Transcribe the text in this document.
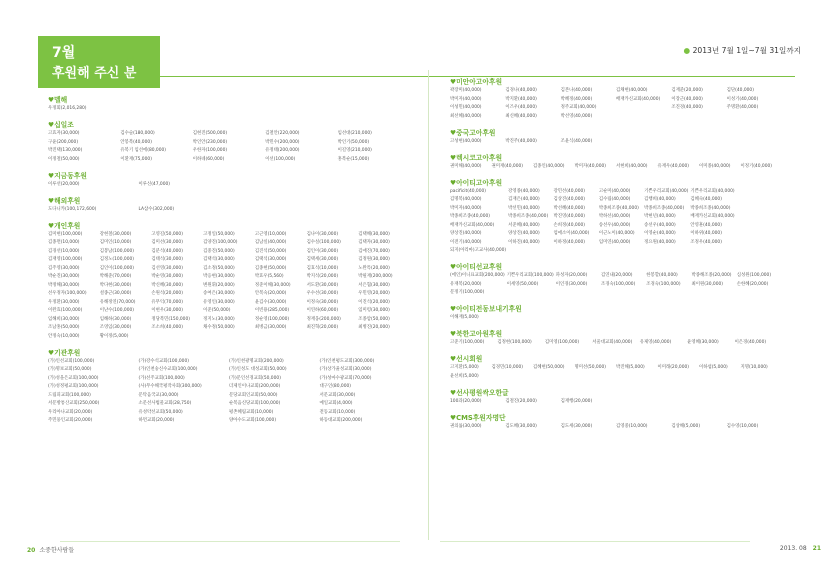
7월
후원해 주신 분
● 2013년 7월 1일~7월 31일까지
♥멜해
우정회(2,016,280)
♥십일조
고효자(30,000)	김수술(180,000)	김현진(500,000)	김철안(220,000)	임선대(210,000)
구윤(200,000)	안봉복(40,000)	박인안(230,000)	박민수(200,000)	박인기(50,000)
박진택(130,000)	유복기 임선에(80,000)	우한자(100,000)	유정태(200,000)	이길영(210,000)
이정철(50,000)	이환재(75,000)	이하네(60,000)	이선(100,000)	홍복순(15,000)
♥지금동후원
이루선(20,000)	이루신(47,000)
♥해외후원
도다니카(100,172,600)	LA삼수(302,000)
♥개인후원
김미현(100,000)	강현철(30,000)	고영길(50,000)	고정일(50,000)	고근영(10,000)	김나이(30,000)	김택해(30,000)
김종면(10,000)	김미인(10,000)	김미선(30,000)	김양진(100,000)	김남실(40,000)	김수실(100,000)	김택자(30,000)
김경선(10,000)	김봉남(100,000)	김분석(40,000)	김중진(50,000)	김진석(50,000)	김인이(30,000)	김애진(70,000)
김재영(100,000)	김정노(100,000)	김태석(30,000)	김택석(30,000)	김택석(30,000)	김택세(30,000)	김정원(30,000)
김주영(30,000)	김인이(100,000)	김선영(30,000)	김소정(50,000)	김종현(50,000)	김효석(10,000)	노완특(20,000)
박순진(30,000)	박해준(70,000)	박순영(30,000)	박응현(30,000)	박효우(5,560)	박지석(20,000)	박필재(200,000)
박정해(30,000)	박다현(30,000)	박신혜(30,000)	변원휘(20,000)	정준이해(30,000)	서도환(30,000)	서은협(30,000)
선우정자(100,000)	설종근(30,000)	손원석(20,000)	송여은(30,000)	안복숙(20,000)	우수선(30,000)	우민영(20,000)
우정환(30,000)	유해정연(70,000)	유무익(70,000)	유영인(30,000)	윤김수(30,000)	이정숙(30,000)	이진석(20,000)
이완효(100,000)	이난수(100,000)	이현우(30,000)	이준(50,000)	이빈용(285,000)	이연하(60,000)	임미령(30,000)
임해희(30,000)	임해하(30,000)	정당복민(150,000)	정지노(30,000)	정순영(100,000)	정재웅(200,000)	조종암(50,000)
조남홍(50,000)	조영임(30,000)	조소희(40,000)	채수정(50,000)	최병금(30,000)	최진혁(20,000)	최병진(20,000)
안정숙(10,000)	황이정(5,000)
♥기관후원
(가)인선교회(100,000)	(가)강수석교회(100,000)	(가)인천광명교회(200,000)	(가)인천평도교회(300,000)
(가)명보교회(50,000)	(가)인천숭신수교회(100,000)	(가)인성도 대성교회(50,000)	(가)상가율성교회(30,000)
(가)성을은교회(100,000)	(가)선주교회(100,000)	(가)문인선경교회(50,000)	(가)성마수광교회(70,000)
(가)성정평교회(100,000)	(사)무수해국평작사회(300,000)	더제인이나교회(200,000)	대구인(80,000)
드림피교회(100,000)	문탁음국교(30,000)	문당교회인교회(50,000)	서문교회(30,000)
서문방통산교회(250,000)	소문선사법물교회(28,750)	순복음신당교회(100,000)	예일교회(4,000)
우리아나교회(20,000)	유성약선교회(50,000)	평촌혜림교회(10,000)	전동교회(10,000)
주민풍인교회(20,000)	하면교회(20,000)	양아수도교회(100,000)	하동대교회(200,000)
♥미안아고아후원
곽장미(40,000)	김경나(40,000)	김본나(40,000)	김채현(40,000)	김재준(20,000)	김단(40,000)
박미자(40,000)	박지환(40,000)	박혜정(40,000)	배재카신교회(40,000)	이장근(40,000)	이성기(40,000)
이성민(40,000)	이즈우(40,000)	정주교회(40,000)	조진경(40,000)	주명환(40,000)
최선혜(40,000)	최신혜(40,000)	박선영(40,000)
♥중국고아후원
고성현(40,000)	박진주(40,000)	조윤식(40,000)
♥렉시코고아후원
권미해(40,000)	권미재(40,000)	김종인(40,000)	박미자(40,000)	서현희(40,000)	유재우(40,000)	이미종(40,000)	이정기(40,000)
♥아이티고아후원
pacificit(40,000)	강영종(40,000)	강민선(40,000)	고순미(40,000)	기쁜우리교회(40,000) 기쁜우리교회(40,000)
김명복(40,000)	김재은(40,000)	김상진(40,000)	김수림(40,000)	김행희(40,000)	김혜숙(40,000)
박미자(40,000)	박선민(40,000)	박선혜(40,000)	박종희조종(40,000)	박종희조종(40,000)	박종희조종(40,000)
박종희조종(40,000)	박종희조종(40,000)	박진영(40,000)	박하선(40,000)	박현년(40,000)	배재카신교회(40,000)
배재카신교회(40,000)	서준혜(40,000)	손희정(40,000)	송선우(40,000)	송선우(40,000)	안영훈(40,000)
양상진(40,000)	양상진(40,000)	엄애소이(40,000)	이근노이(40,000)	이영순(40,000)	이하위(40,000)
이전기(40,000)	이하진(40,000)	이하정(40,000)	임미연(40,000)	정요원(40,000)	조정우(40,000)
되지(아리마)고교사(40,000)
♥아이티선교후원
(에인)이니표교회(200,000) 기쁜우리교회(100,000) 파성자(20,000)	김연내(20,000)	한봉할(40,000)	박종해조종(20,000)	심성원(100,000)
유재복(20,000)	이세영(50,000)	이인경(30,000)	조경숙(100,000)	조경숙(100,000)	최이원(30,000)	손한혜(20,000)
문정기(100,000)
♥아이티전동보내기후원
이해재(5,000)
♥북한고아원후원
고준기(100,000)	김정현(100,000)	김미영(100,000)	서울대교회(40,000)	유제영(40,000)	윤영혜(30,000)	이은경(40,000)
♥선시회원
고지환(5,000)	김경민(10,000)	김혜현(50,000)	명미선(50,000)	박진해(5,000)	이미래(20,000)	이하섭(5,000)	지명(10,000)
윤선희(5,000)
♥선사평원싹오한글
100과(20,000)	김철진(20,000)	김재행(20,000)
♥CMS후원자명단
권의률(30,000)	김도혜(30,000)	김도세(30,000)	김영중(10,000)	김상해(5,000)	김수영(10,000)
20 소중한사람들	2013. 08 21
